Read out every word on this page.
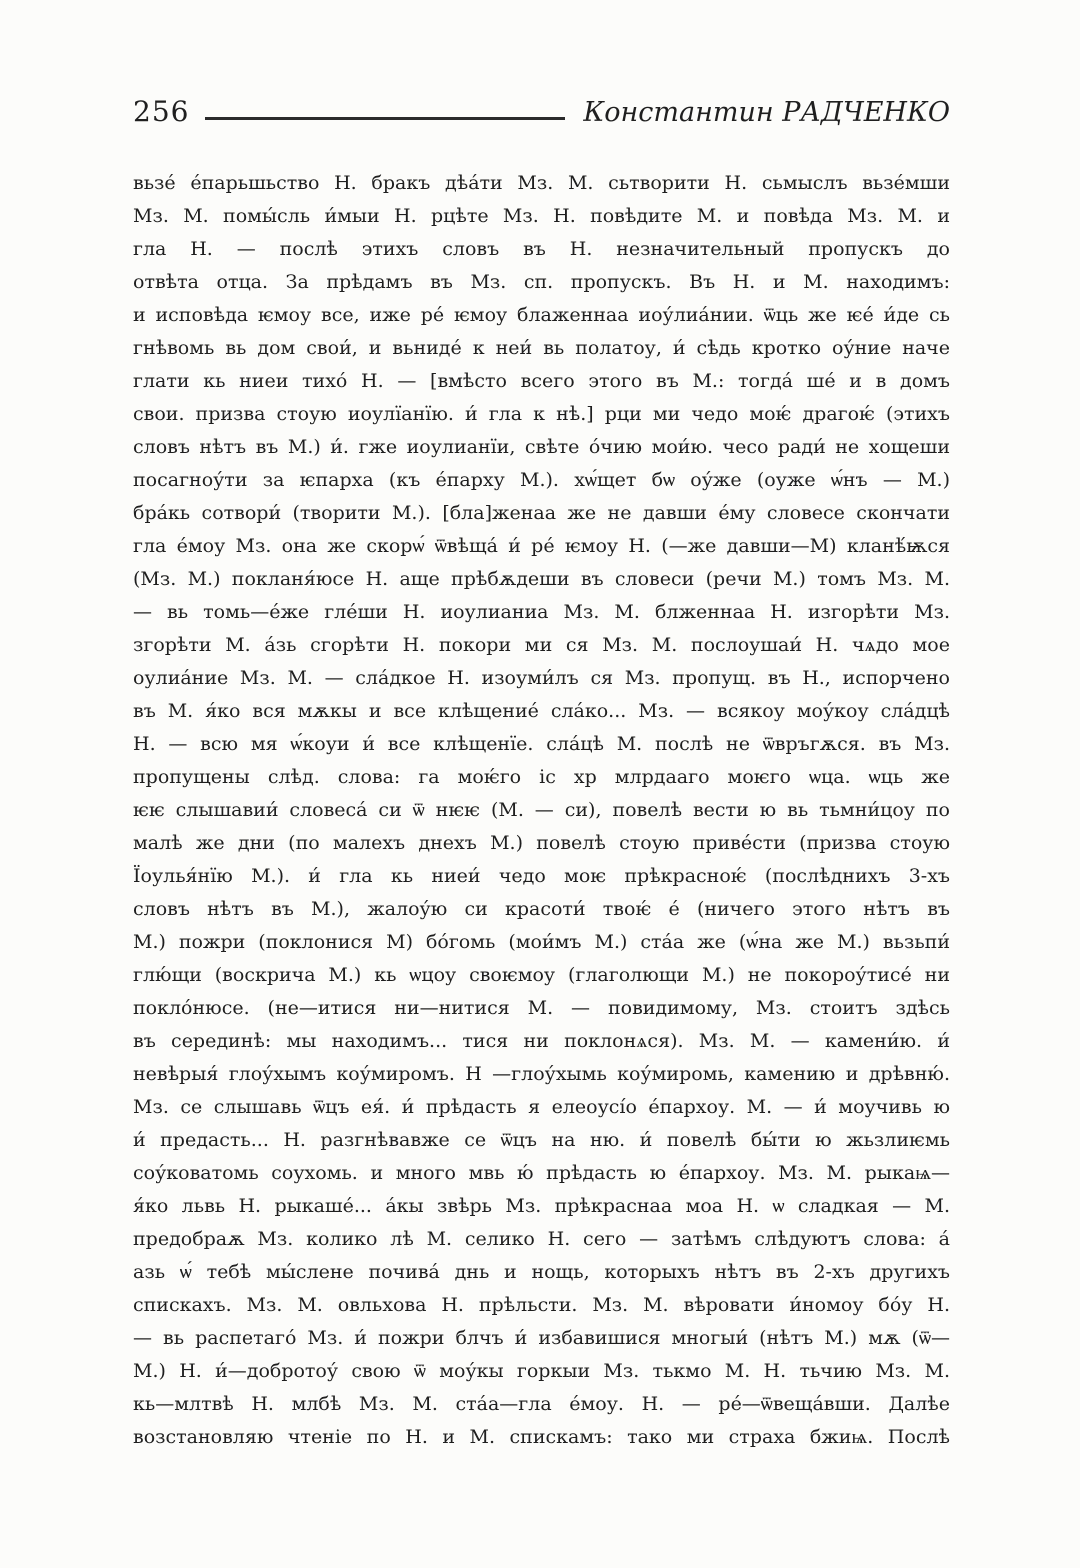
256	Константин РАДЧЕНКО
вьзе́ е́парьшьство Н. бракъ дѣа́ти Мз. М. сьтворити Н. сьмыслъ вьзе́мши
Мз. М. помы́сль и́мыи Н. рцѣте Мз. Н. повѣдите М. и повѣда Мз. М. и
гла Н. — послѣ этихъ словъ въ Н. незначительный пропускъ до
отвѣта отца. За прѣдамъ въ Мз. сп. пропускъ. Въ Н. и М. находимъ:
и исповѣда ѥмоу все, иже ре́ ѥмоу блаженнаа иоу́лиа́нии. ѿць же ѥе́ и́де сь
гнѣвомь вь дом свои́, и вьниде́ к неи́ вь полатоу, и́ сѣдь кротко оу́ние наче
глати кь ниеи тихо́ Н. — [вмѣсто всего этого въ М.: тогда́ ше́ и в домъ
свои. призва стоую иоулїанїю. и́ гла к нѣ.] рци ми чедо моѥ́ драгоѥ́ (этихъ
словъ нѣтъ въ М.) и́. гже иоулианїи, свѣте о́чию мои́ю. чесо ради́ не хощеши
посагноу́ти за ѥпарха (къ е́парху М.). хѡ́щет бѡ оу́же (оуже ѡ́нъ — М.)
бра́кь сотвори́ (творити М.). [бла]женаа же не давши е́му словесе скончати
гла е́моу Мз. она же скорѡ́ ѿвѣща́ и́ ре́ ѥмоу Н. (—же давши—М) кланѣ́ѭся
(Мз. М.) покланя́юсе Н. аще прѣбѫдеши въ словеси (речи М.) томъ Мз. М.
— вь томь—е́же гле́ши Н. иоулианиа Мз. М. блженнаа Н. изгорѣти Мз.
згорѣти М. а́зь сгорѣти Н. покори ми ся Мз. М. послоушаи́ Н. чѧдо мое
оулиа́ние Мз. М. — сла́дкое Н. изоуми́лъ ся Мз. пропущ. въ Н., испорчено
въ М. я́ко вся мѫкы и все клѣщение́ сла́ко... Мз. — всякоу моу́коу сла́дцѣ
Н. — всю мя ѡ́коуи и́ все клѣщенїе. сла́цѣ М. послѣ не ѿвръгѫся. въ Мз.
пропущены слѣд. слова: га моѥ́го іс хр млрдааго моѥго ѡца. ѡць же
ѥѥ слышавии́ словеса́ си ѿ нѥѥ (М. — си), повелѣ вести ю вь тьмни́цоу по
малѣ же дни (по малехъ днехъ М.) повелѣ стоую приве́сти (призва стоую
Їоулья́нїю М.). и́ гла кь ниеи́ чедо моѥ прѣкрасноѥ́ (послѣднихъ 3-хъ
словъ нѣтъ въ М.), жалоу́ю си красоти́ твоѥ́ е́ (ничего этого нѣтъ въ
М.) пожри (поклонися М) бо́гомь (мои́мъ М.) ста́а же (ѡ́на же М.) вьзьпи́
глю́щи (воскрича М.) кь ѡцоу своѥмоу (глаголющи М.) не покороу́тисе́ ни
покло́нюсе. (не—итися ни—нитися М. — повидимому, Мз. стоитъ здѣсь
въ серединѣ: мы находимъ... тися ни поклонѧся). Мз. М. — камени́ю. и́
невѣрыя́ глоу́хымъ коу́миромъ. Н —глоу́хымь коу́миромь, камению и дрѣвню́.
Мз. се слышавь ѿцъ ея́. и́ прѣдасть я елеоусі́о е́пархоу. М. — и́ моучивь ю
и́ предасть... Н. разгнѣвавже се ѿцъ на ню. и́ повелѣ бы́ти ю жьзлиѥмь
соу́коватомь соухомь. и много мвь ю́ прѣдасть ю е́пархоу. Мз. М. рыкаѩ—
я́ко львь Н. рыкаше́... а́кы звѣрь Мз. прѣкраснаа моа Н. ѡ сладкая — М.
предобраѫ Мз. колико лѣ М. селико Н. сего — затѣмъ слѣдуютъ слова: а́
азь ѡ́ тебѣ мы́слене почива́ днь и нощь, которыхъ нѣтъ въ 2-хъ другихъ
спискахъ. Мз. М. овльхова Н. прѣльсти. Мз. М. вѣровати и́номоу бо́у Н.
— вь распетаго́ Мз. и́ пожри блчъ и́ избавишися многыи́ (нѣтъ М.) мѫ (ѿ—
М.) Н. и́—добротоу́ свою ѿ моу́кы горкыи Мз. тькмо М. Н. тьчию Мз. М.
кь—млтвѣ Н. млбѣ Мз. М. ста́а—гла е́моу. Н. — ре́—ѿвеща́вши. Далѣе
возстановляю чтеніе по Н. и М. спискамъ: тако ми страха бжиѩ. Послѣ
